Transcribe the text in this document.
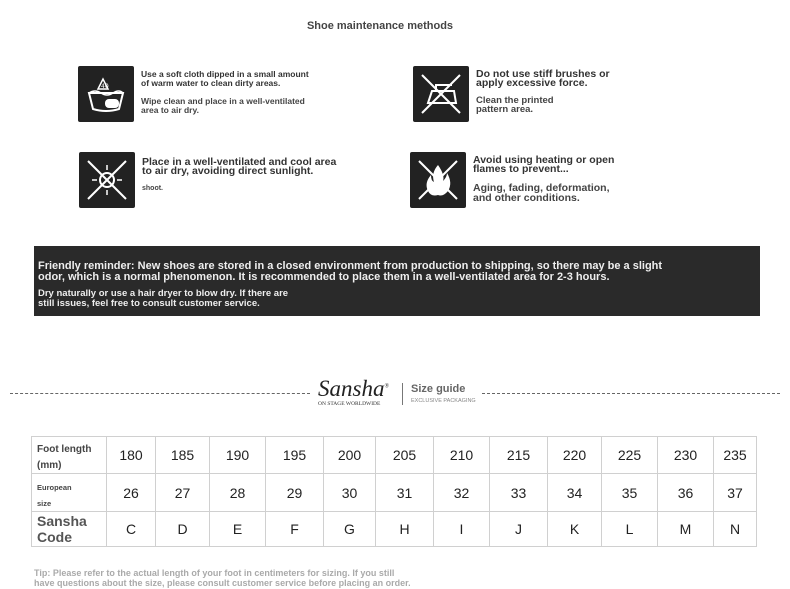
Shoe maintenance methods
40
Use a soft cloth dipped in a small amount
of warm water to clean dirty areas.
Wipe clean and place in a well-ventilated
area to air dry.
Do not use stiff brushes or
apply excessive force.
Clean the printed
pattern area.
Place in a well-ventilated and cool area
to air dry, avoiding direct sunlight.
shoot.
Avoid using heating or open
flames to prevent...
Aging, fading, deformation,
and other conditions.
Friendly reminder: New shoes are stored in a closed environment from production to shipping, so there may be a slight
odor, which is a normal phenomenon. It is recommended to place them in a well-ventilated area for 2-3 hours.
Dry naturally or use a hair dryer to blow dry. If there are
still issues, feel free to consult customer service.
Sansha®
ON STAGE WORLDWIDE
Size guide
EXCLUSIVE PACKAGING
Foot length
(mm)	180	185	190	195	200	205	210	215	220	225	230	235
European
size	26	27	28	29	30	31	32	33	34	35	36	37
Sansha
Code	C	D	E	F	G	H	I	J	K	L	M	N
Tip: Please refer to the actual length of your foot in centimeters for sizing. If you still
have questions about the size, please consult customer service before placing an order.
